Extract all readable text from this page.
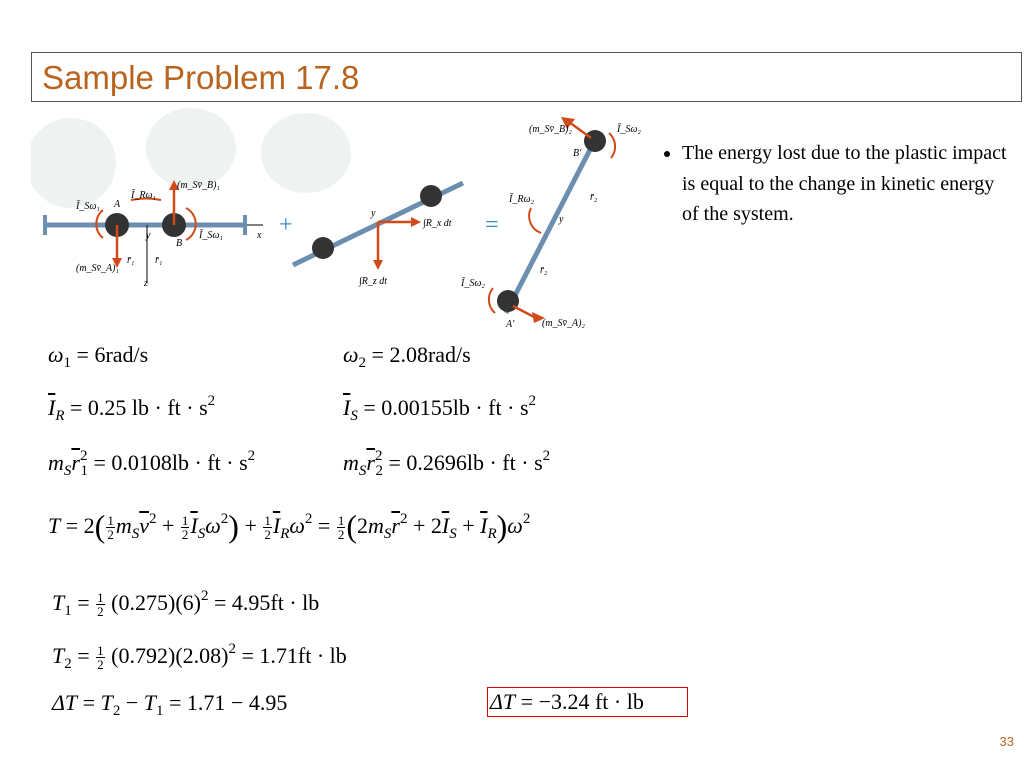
Sample Problem 17.8
Ī_Sω₁
Ī_Rω₁
(m_Sv̄_B)₁
(m_Sv̄_A)₁
Ī_Sω₁
A
B
y	x
z
r̄₁ r̄₁
+	y
∫R_x dt
∫R_z dt
=
(m_Sv̄_B)₂	Ī_Sω₂
B′
Ī_Rω₂
y
Ī_Sω₂
A′	(m_Sv̄_A)₂
r̄₂
r̄₂
• The energy lost due to the plastic impact is equal to the change in kinetic energy of the system.
$\omega_1 = 6rad/s$	$\omega_2 = 2.08rad/s$
$\overline{I}_R = 0.25$ lb · ft · $s^2$	$\overline{I}_S = 0.00155lb$ · ft · $s^2$
$m_S\overline{r}^2_1 = 0.0108lb$ · ft · $s^2$	$m_S\overline{r}^2_2 = 0.2696lb$ · ft · $s^2$
$T = 2( \frac{1}{2} m_S\overline{v}^2 + \frac{1}{2} \overline{I}_S\omega^2) + \frac{1}{2} \overline{I}_R\omega^2 = \frac{1}{2} (2m_S\overline{r}^2 + 2\overline{I}_S + \overline{I}_R)\omega^2$
$T_1 = \frac{1}{2} (0.275)(6)^2 = 4.95ft$ · lb
$T_2 = \frac{1}{2} (0.792)(2.08)^2 = 1.71ft$ · lb
$\Delta T = T_2 - T_1 = 1.71 - 4.95$	ΔT = −3.24 ft · lb
33
